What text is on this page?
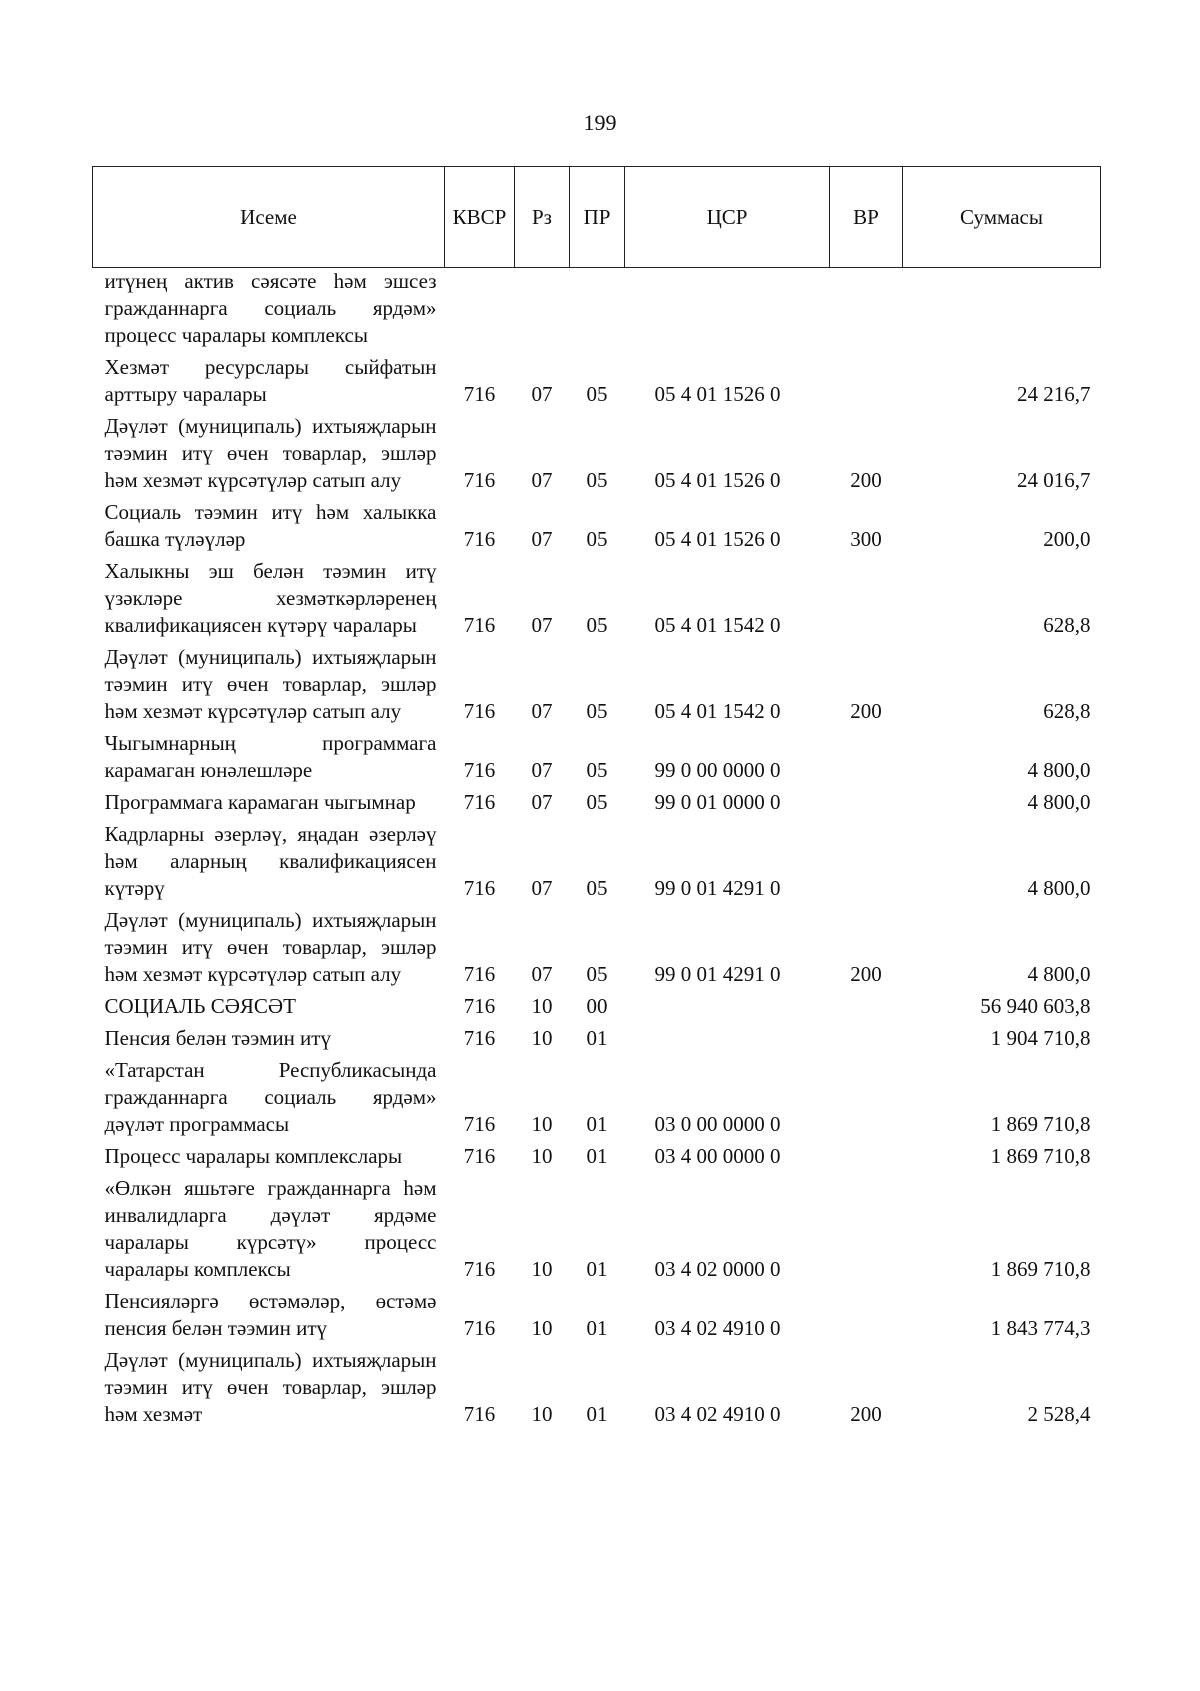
199
Исеме	КВСР	Рз	ПР	ЦСР	ВР	Суммасы
итүнең актив сәясәте һәм эшсез гражданнарга социаль ярдәм» процесс чаралары комплексы						
Хезмәт ресурслары сыйфатын арттыру чаралары	716	07	05	05 4 01 1526 0		24 216,7
Дәүләт (муниципаль) ихтыяҗларын тәэмин итү өчен товарлар, эшләр һәм хезмәт күрсәтүләр сатып алу	716	07	05	05 4 01 1526 0	200	24 016,7
Социаль тәэмин итү һәм халыкка башка түләүләр	716	07	05	05 4 01 1526 0	300	200,0
Халыкны эш белән тәэмин итү үзәкләре хезмәткәрләренең квалификациясен күтәрү чаралары	716	07	05	05 4 01 1542 0		628,8
Дәүләт (муниципаль) ихтыяҗларын тәэмин итү өчен товарлар, эшләр һәм хезмәт күрсәтүләр сатып алу	716	07	05	05 4 01 1542 0	200	628,8
Чыгымнарның программага карамаган юнәлешләре	716	07	05	99 0 00 0000 0		4 800,0
Программага карамаган чыгымнар	716	07	05	99 0 01 0000 0		4 800,0
Кадрларны әзерләү, яңадан әзерләү һәм аларның квалификациясен күтәрү	716	07	05	99 0 01 4291 0		4 800,0
Дәүләт (муниципаль) ихтыяҗларын тәэмин итү өчен товарлар, эшләр һәм хезмәт күрсәтүләр сатып алу	716	07	05	99 0 01 4291 0	200	4 800,0
СОЦИАЛЬ СӘЯСӘТ	716	10	00			56 940 603,8
Пенсия белән тәэмин итү	716	10	01			1 904 710,8
«Татарстан Республикасында гражданнарга социаль ярдәм» дәүләт программасы	716	10	01	03 0 00 0000 0		1 869 710,8
Процесс чаралары комплекслары	716	10	01	03 4 00 0000 0		1 869 710,8
«Өлкән яшьтәге гражданнарга һәм инвалидларга дәүләт ярдәме чаралары күрсәтү» процесс чаралары комплексы	716	10	01	03 4 02 0000 0		1 869 710,8
Пенсияләргә өстәмәләр, өстәмә пенсия белән тәэмин итү	716	10	01	03 4 02 4910 0		1 843 774,3
Дәүләт (муниципаль) ихтыяҗларын тәэмин итү өчен товарлар, эшләр һәм хезмәт	716	10	01	03 4 02 4910 0	200	2 528,4
